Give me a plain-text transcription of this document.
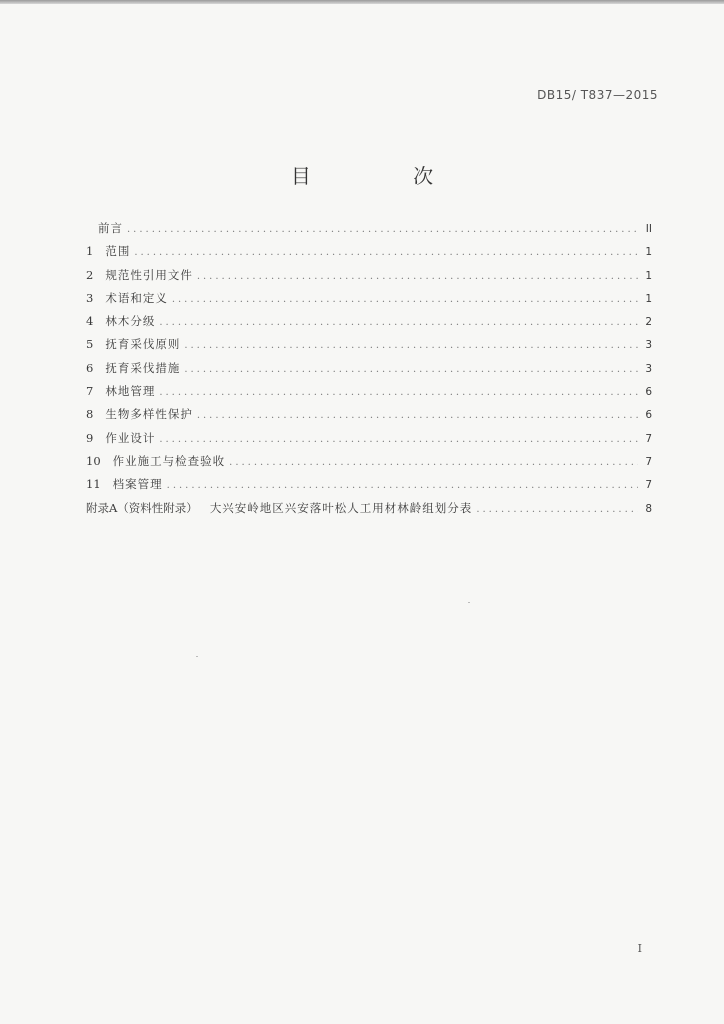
DB15/ T837—2015
目 次
前言 .....	II
1 范围 .....	1
2 规范性引用文件 .....	1
3 术语和定义 .....	1
4 林木分级 .....	2
5 抚育采伐原则 .....	3
6 抚育采伐措施 .....	3
7 林地管理 .....	6
8 生物多样性保护 .....	6
9 作业设计 .....	7
10 作业施工与检查验收 .....	7
11 档案管理 .....	7
附录A（资料性附录） 大兴安岭地区兴安落叶松人工用材林龄组划分表 .....	8
I
